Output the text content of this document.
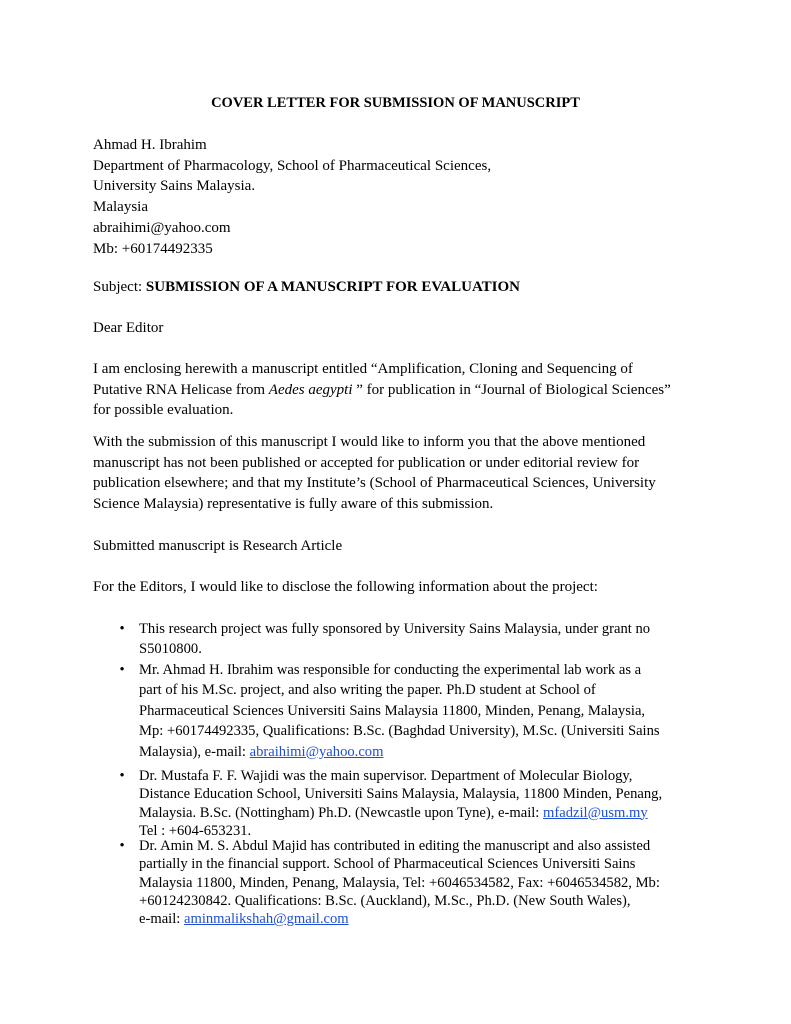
COVER LETTER FOR SUBMISSION OF MANUSCRIPT
Ahmad H. Ibrahim
Department of Pharmacology, School of Pharmaceutical Sciences,
University Sains Malaysia.
Malaysia
abraihimi@yahoo.com
Mb: +60174492335
Subject: SUBMISSION OF A MANUSCRIPT FOR EVALUATION
Dear Editor
I am enclosing herewith a manuscript entitled “Amplification, Cloning and Sequencing of
Putative RNA Helicase from Aedes aegypti ” for publication in “Journal of Biological Sciences”
for possible evaluation.
With the submission of this manuscript I would like to inform you that the above mentioned
manuscript has not been published or accepted for publication or under editorial review for
publication elsewhere; and that my Institute’s (School of Pharmaceutical Sciences, University
Science Malaysia) representative is fully aware of this submission.
Submitted manuscript is Research Article
For the Editors, I would like to disclose the following information about the project:
• This research project was fully sponsored by University Sains Malaysia, under grant no
S5010800.
• Mr. Ahmad H. Ibrahim was responsible for conducting the experimental lab work as a
part of his M.Sc. project, and also writing the paper. Ph.D student at School of
Pharmaceutical Sciences Universiti Sains Malaysia 11800, Minden, Penang, Malaysia,
Mp: +60174492335, Qualifications: B.Sc. (Baghdad University), M.Sc. (Universiti Sains
Malaysia), e-mail: abraihimi@yahoo.com
• Dr. Mustafa F. F. Wajidi was the main supervisor. Department of Molecular Biology,
Distance Education School, Universiti Sains Malaysia, Malaysia, 11800 Minden, Penang,
Malaysia. B.Sc. (Nottingham) Ph.D. (Newcastle upon Tyne), e-mail: mfadzil@usm.my
Tel : +604-653231.
• Dr. Amin M. S. Abdul Majid has contributed in editing the manuscript and also assisted
partially in the financial support. School of Pharmaceutical Sciences Universiti Sains
Malaysia 11800, Minden, Penang, Malaysia, Tel: +6046534582, Fax: +6046534582, Mb:
+60124230842. Qualifications: B.Sc. (Auckland), M.Sc., Ph.D. (New South Wales),
e-mail: aminmalikshah@gmail.com
